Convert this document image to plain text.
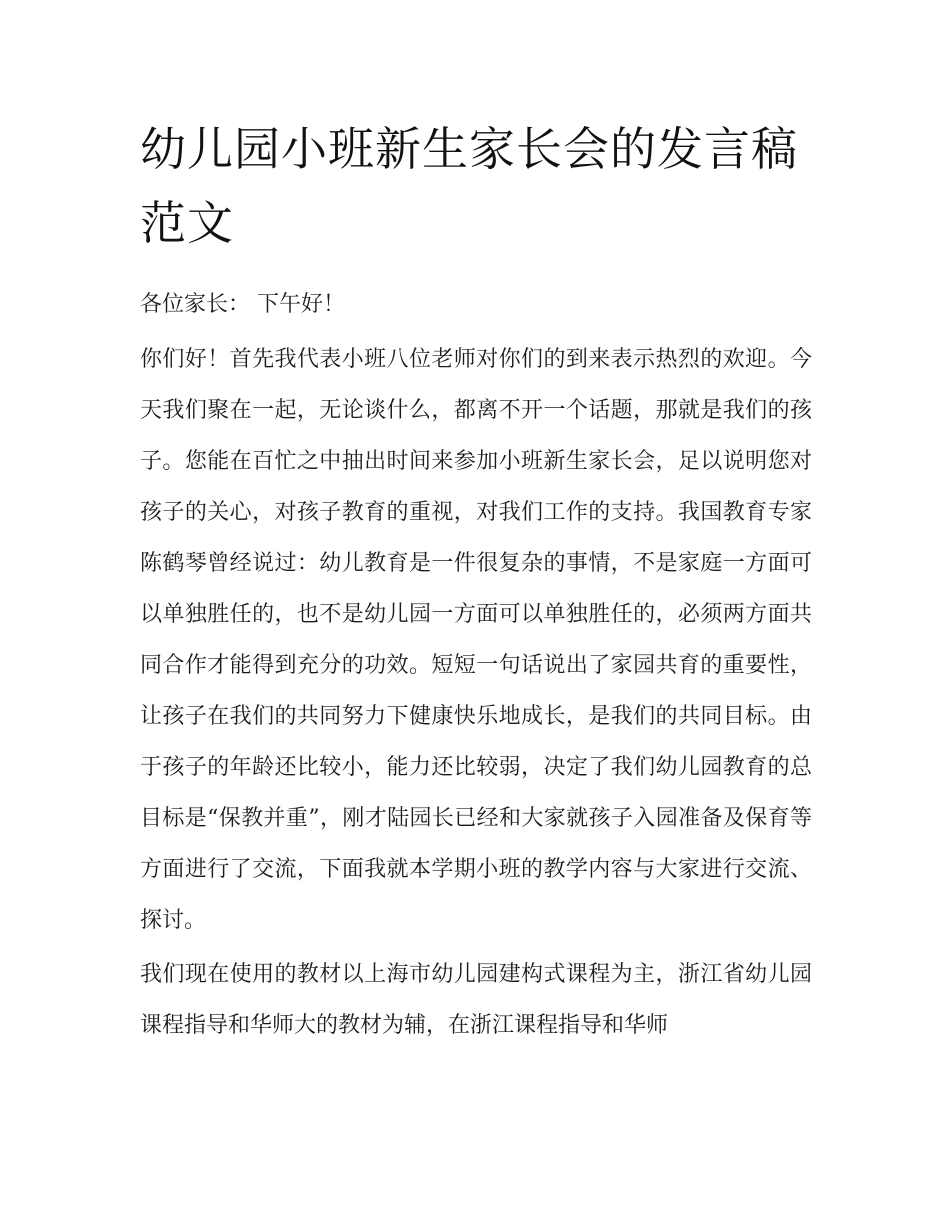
幼儿园小班新生家长会的发言稿范文

各位家长： 下午好！

你们好！首先我代表小班八位老师对你们的到来表示热烈的欢迎。今天我们聚在一起，无论谈什么，都离不开一个话题，那就是我们的孩子。您能在百忙之中抽出时间来参加小班新生家长会，足以说明您对孩子的关心，对孩子教育的重视，对我们工作的支持。我国教育专家陈鹤琴曾经说过：幼儿教育是一件很复杂的事情，不是家庭一方面可以单独胜任的，也不是幼儿园一方面可以单独胜任的，必须两方面共同合作才能得到充分的功效。短短一句话说出了家园共育的重要性，让孩子在我们的共同努力下健康快乐地成长，是我们的共同目标。由于孩子的年龄还比较小，能力还比较弱，决定了我们幼儿园教育的总目标是“保教并重”，刚才陆园长已经和大家就孩子入园准备及保育等方面进行了交流，下面我就本学期小班的教学内容与大家进行交流、探讨。

我们现在使用的教材以上海市幼儿园建构式课程为主，浙江省幼儿园课程指导和华师大的教材为辅，在浙江课程指导和华师
